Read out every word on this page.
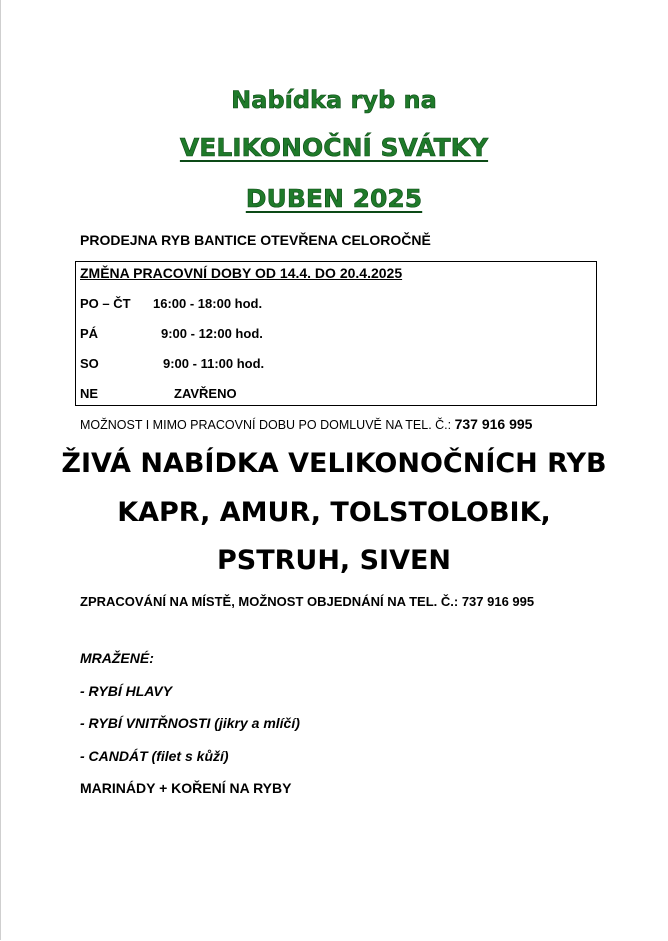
Nabídka ryb na
VELIKONOČNÍ SVÁTKY
DUBEN 2025
PRODEJNA RYB BANTICE OTEVŘENA CELOROČNĚ
ZMĚNA PRACOVNÍ DOBY OD 14.4. DO 20.4.2025
PO – ČT 16:00 - 18:00 hod.
PÁ	9:00 - 12:00 hod.
SO	9:00 - 11:00 hod.
NE	ZAVŘENO
MOŽNOST I MIMO PRACOVNÍ DOBU PO DOMLUVĚ NA TEL. Č.: 737 916 995
ŽIVÁ NABÍDKA VELIKONOČNÍCH RYB
KAPR, AMUR, TOLSTOLOBIK,
PSTRUH, SIVEN
ZPRACOVÁNÍ NA MÍSTĚ, MOŽNOST OBJEDNÁNÍ NA TEL. Č.: 737 916 995
MRAŽENÉ:
- RYBÍ HLAVY
- RYBÍ VNITŘNOSTI (jikry a mlíčí)
- CANDÁT (filet s kůží)
MARINÁDY + KOŘENÍ NA RYBY
